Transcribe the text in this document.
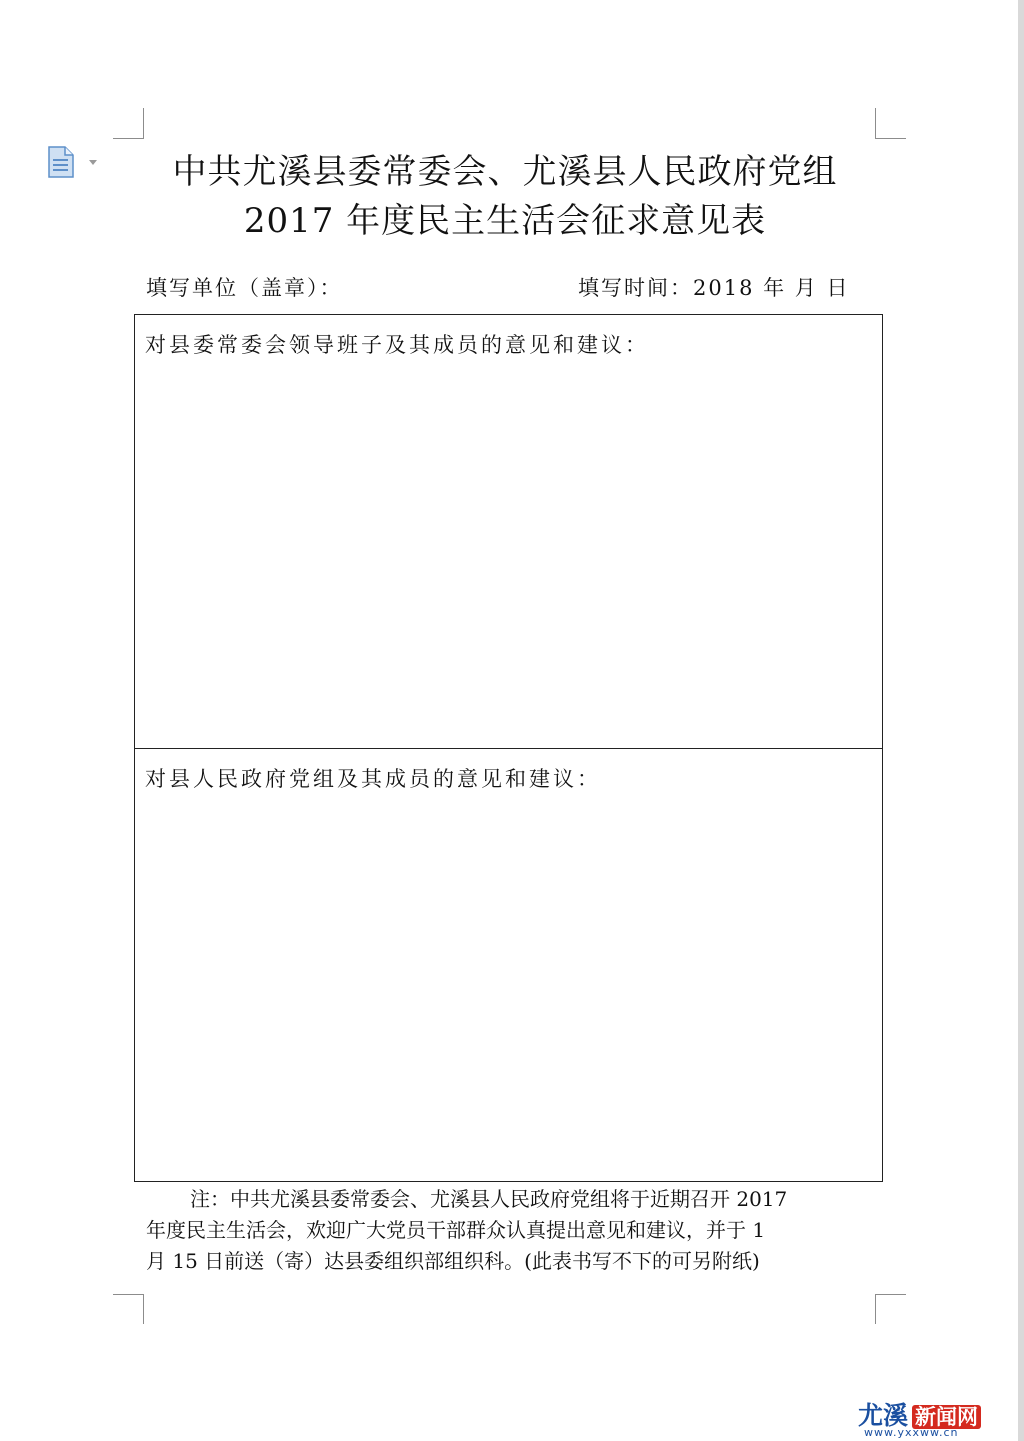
中共尤溪县委常委会、尤溪县人民政府党组
2017 年度民主生活会征求意见表
填写单位（盖章）：	填写时间：2018 年 月 日
对县委常委会领导班子及其成员的意见和建议：
对县人民政府党组及其成员的意见和建议：

注：中共尤溪县委常委会、尤溪县人民政府党组将于近期召开 2017

年度民主生活会，欢迎广大党员干部群众认真提出意见和建议，并于 1

月 15 日前送（寄）达县委组织部组织科。(此表书写不下的可另附纸)

尤溪 新闻网
www.yxxww.cn
